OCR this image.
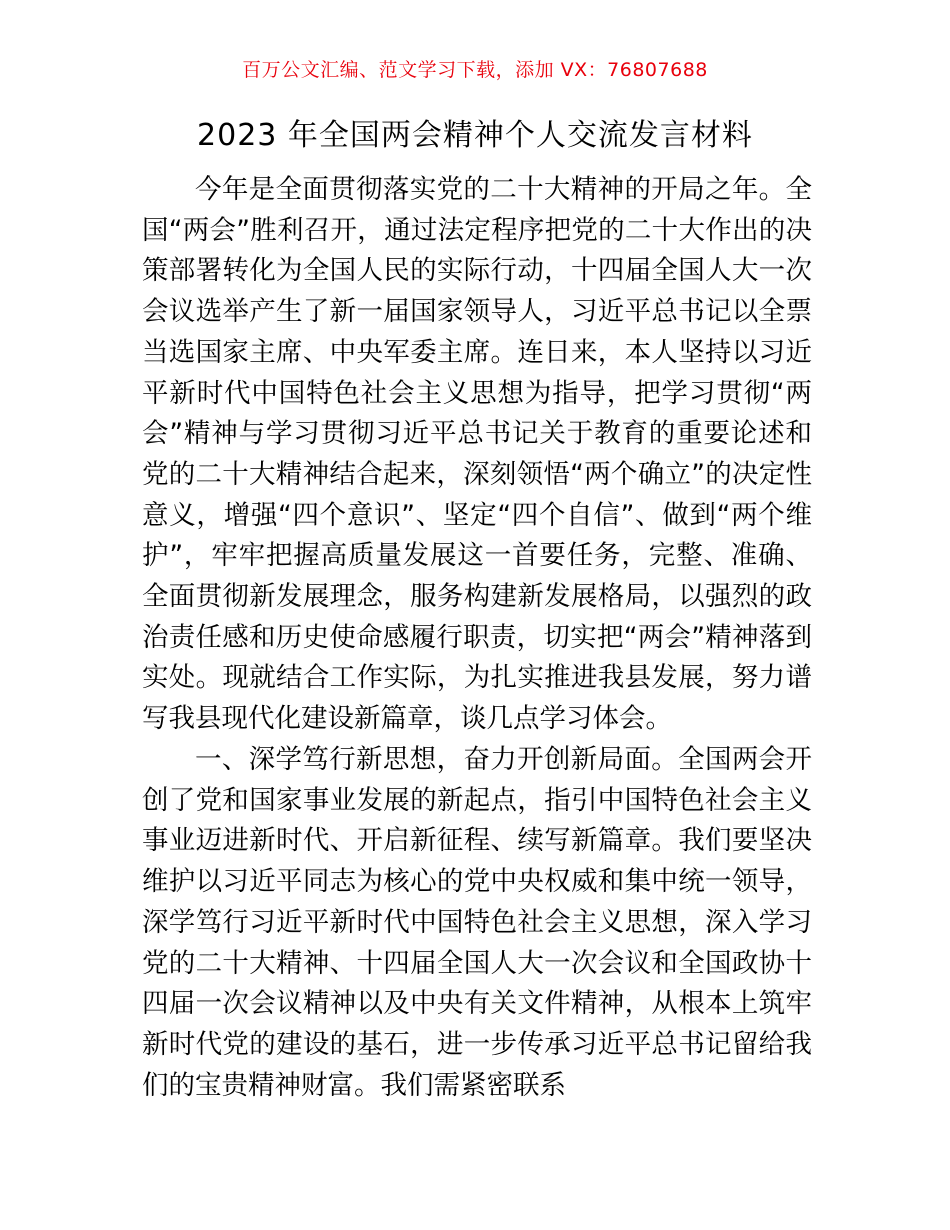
百万公文汇编、范文学习下载，添加 VX：76807688
2023 年全国两会精神个人交流发言材料

今年是全面贯彻落实党的二十大精神的开局之年。全国“两会”胜利召开，通过法定程序把党的二十大作出的决策部署转化为全国人民的实际行动，十四届全国人大一次会议选举产生了新一届国家领导人，习近平总书记以全票当选国家主席、中央军委主席。连日来，本人坚持以习近平新时代中国特色社会主义思想为指导，把学习贯彻“两会”精神与学习贯彻习近平总书记关于教育的重要论述和党的二十大精神结合起来，深刻领悟“两个确立”的决定性意义，增强“四个意识”、坚定“四个自信”、做到“两个维护”，牢牢把握高质量发展这一首要任务，完整、准确、全面贯彻新发展理念，服务构建新发展格局，以强烈的政治责任感和历史使命感履行职责，切实把“两会”精神落到实处。现就结合工作实际，为扎实推进我县发展，努力谱写我县现代化建设新篇章，谈几点学习体会。

一、深学笃行新思想，奋力开创新局面。全国两会开创了党和国家事业发展的新起点，指引中国特色社会主义事业迈进新时代、开启新征程、续写新篇章。我们要坚决维护以习近平同志为核心的党中央权威和集中统一领导，深学笃行习近平新时代中国特色社会主义思想，深入学习党的二十大精神、十四届全国人大一次会议和全国政协十四届一次会议精神以及中央有关文件精神，从根本上筑牢新时代党的建设的基石，进一步传承习近平总书记留给我们的宝贵精神财富。我们需紧密联系
